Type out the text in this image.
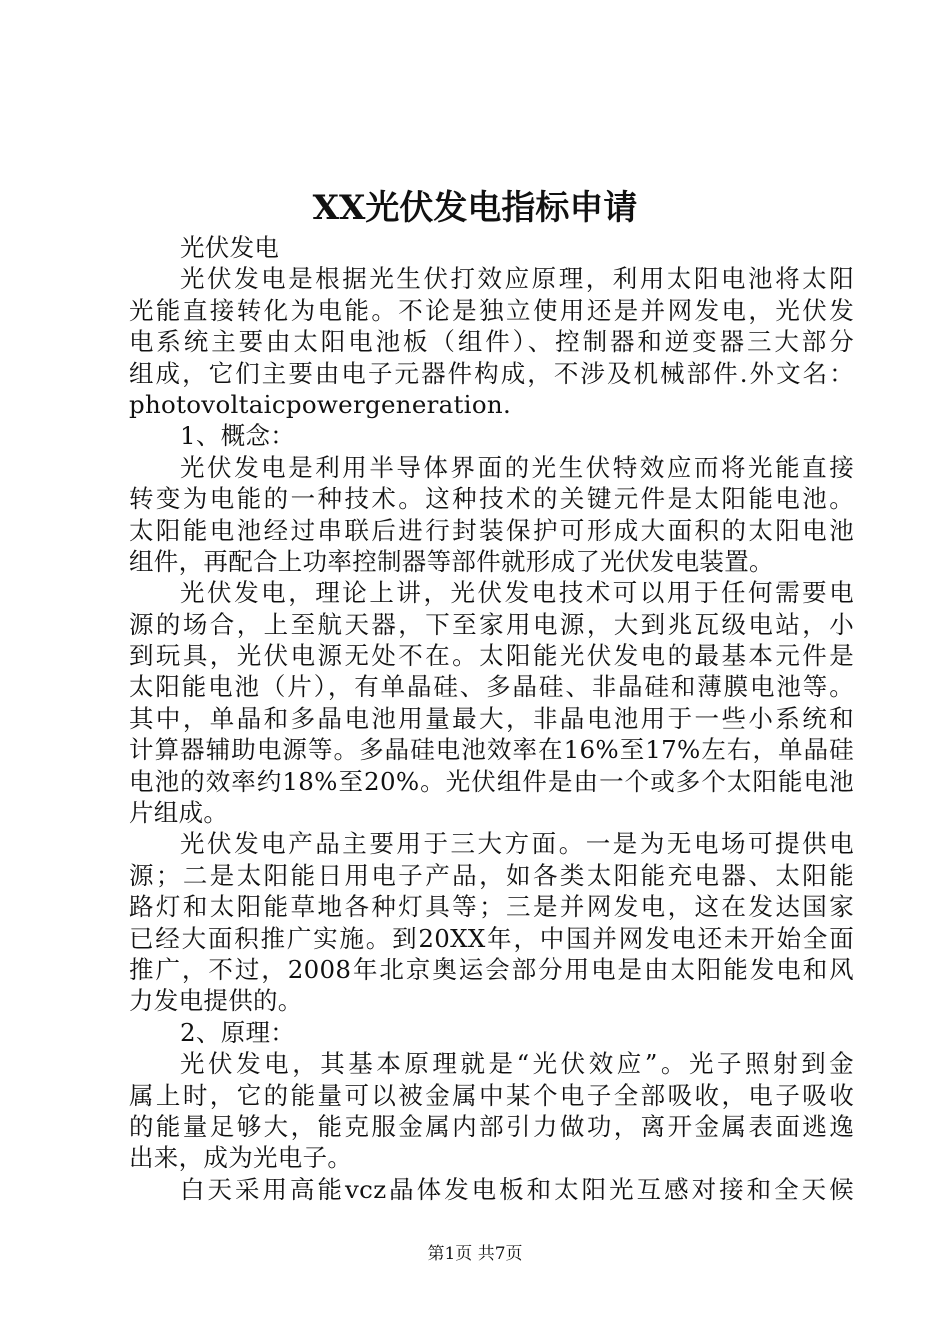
XX光伏发电指标申请
光伏发电
光伏发电是根据光生伏打效应原理，利用太阳电池将太阳
光能直接转化为电能。不论是独立使用还是并网发电，光伏发
电系统主要由太阳电池板（组件）、控制器和逆变器三大部分
组成，它们主要由电子元器件构成，不涉及机械部件.外文名：
photovoltaicpowergeneration.
1、概念：
光伏发电是利用半导体界面的光生伏特效应而将光能直接
转变为电能的一种技术。这种技术的关键元件是太阳能电池。
太阳能电池经过串联后进行封装保护可形成大面积的太阳电池
组件，再配合上功率控制器等部件就形成了光伏发电装置。
光伏发电，理论上讲，光伏发电技术可以用于任何需要电
源的场合，上至航天器，下至家用电源，大到兆瓦级电站，小
到玩具，光伏电源无处不在。太阳能光伏发电的最基本元件是
太阳能电池（片），有单晶硅、多晶硅、非晶硅和薄膜电池等。
其中，单晶和多晶电池用量最大，非晶电池用于一些小系统和
计算器辅助电源等。多晶硅电池效率在16%至17%左右，单晶硅
电池的效率约18%至20%。光伏组件是由一个或多个太阳能电池
片组成。
光伏发电产品主要用于三大方面。一是为无电场可提供电
源；二是太阳能日用电子产品，如各类太阳能充电器、太阳能
路灯和太阳能草地各种灯具等；三是并网发电，这在发达国家
已经大面积推广实施。到20XX年，中国并网发电还未开始全面
推广，不过，2008年北京奥运会部分用电是由太阳能发电和风
力发电提供的。
2、原理：
光伏发电，其基本原理就是“光伏效应”。光子照射到金
属上时，它的能量可以被金属中某个电子全部吸收，电子吸收
的能量足够大，能克服金属内部引力做功，离开金属表面逃逸
出来，成为光电子。
白天采用高能vcz晶体发电板和太阳光互感对接和全天候
第1页 共7页
